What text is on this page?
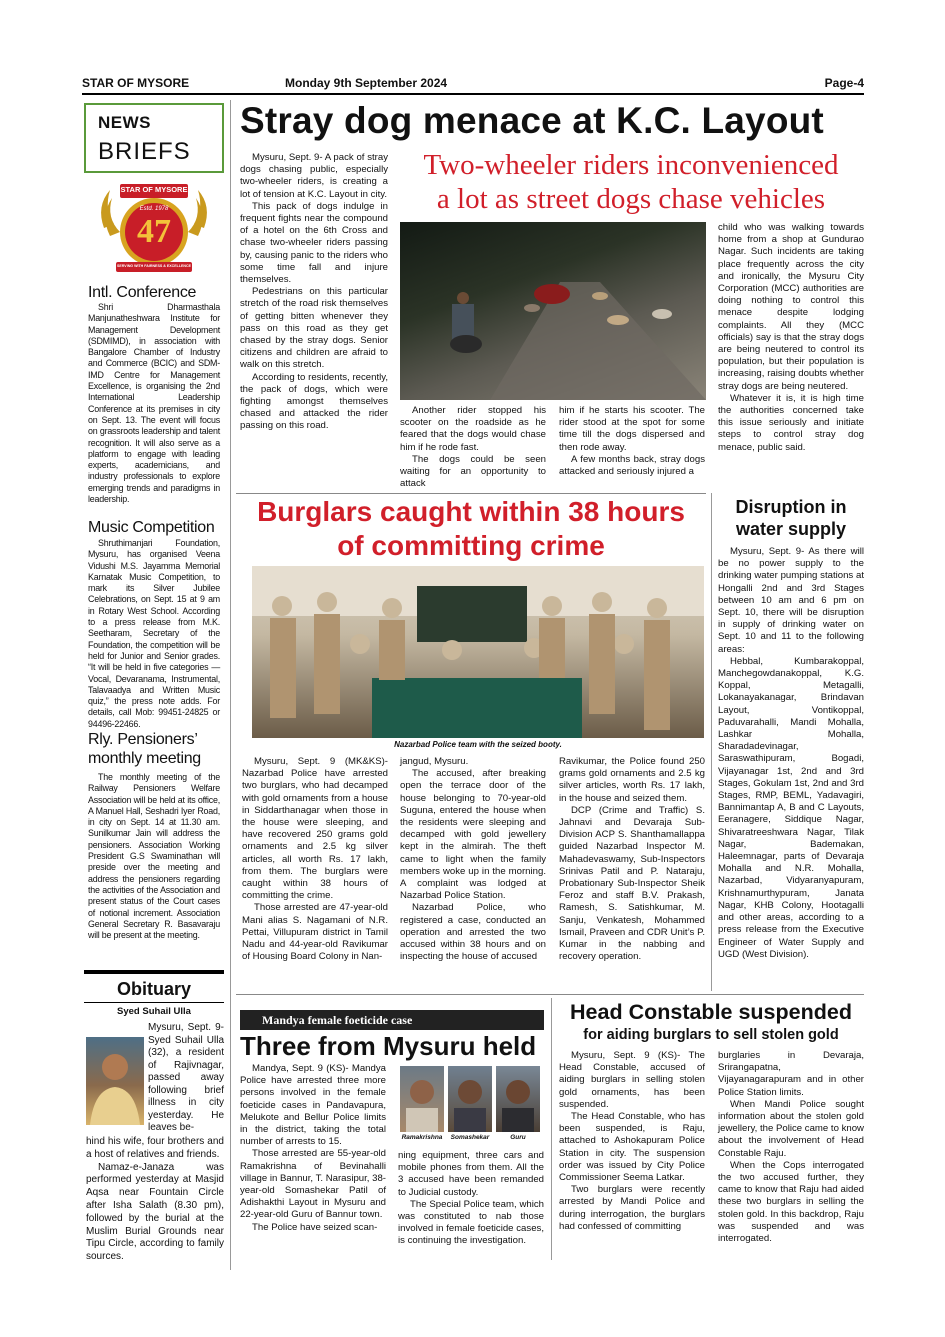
STAR OF MYSORE	Monday 9th September 2024	Page-4
NEWS
BRIEFS
STAR OF MYSORE
Estd. 1978
47
SERVING WITH FAIRNESS & EXCELLENCE
Intl. Conference

Shri Dharmasthala Manjunatheshwara Institute for Management Development (SDMIMD), in association with Bangalore Chamber of Industry and Commerce (BCIC) and SDM-IMD Centre for Management Excellence, is organising the 2nd International Leadership Conference at its premises in city on Sept. 13. The event will focus on grassroots leadership and talent recognition. It will also serve as a platform to engage with leading experts, academicians, and industry professionals to explore emerging trends and paradigms in leadership.

Music Competition

Shruthimanjari Foundation, Mysuru, has organised Veena Vidushi M.S. Jayamma Memorial Karnatak Music Competition, to mark its Silver Jubilee Celebrations, on Sept. 15 at 9 am in Rotary West School. According to a press release from M.K. Seetharam, Secretary of the Foundation, the competition will be held for Junior and Senior grades. “It will be held in five categories — Vocal, Devaranama, Instrumental, Talavaadya and Written Music quiz,” the press note adds. For details, call Mob: 99451-24825 or 94496-22466.

Rly. Pensioners’ monthly meeting

The monthly meeting of the Railway Pensioners Welfare Association will be held at its office, A Manuel Hall, Seshadri Iyer Road, in city on Sept. 14 at 11.30 am. Sunilkumar Jain will address the pensioners. Association Working President G.S Swaminathan will preside over the meeting and address the pensioners regarding the activities of the Association and present status of the Court cases of notional increment. Association General Secretary R. Basavaraju will be present at the meeting.

Obituary
Syed Suhail Ulla

Mysuru, Sept. 9- Syed Suhail Ulla (32), a resident of Rajivnagar, passed away following brief illness in city yesterday. He leaves be-

hind his wife, four brothers and a host of relatives and friends.

Namaz-e-Janaza was performed yesterday at Masjid Aqsa near Fountain Circle after Isha Salath (8.30 pm), followed by the burial at the Muslim Burial Grounds near Tipu Circle, according to family sources.

Stray dog menace at K.C. Layout

Mysuru, Sept. 9- A pack of stray dogs chasing public, especially two-wheeler riders, is creating a lot of tension at K.C. Layout in city.

This pack of dogs indulge in frequent fights near the compound of a hotel on the 6th Cross and chase two-wheeler riders passing by, causing panic to the riders who some time fall and injure themselves.

Pedestrians on this particular stretch of the road risk themselves of getting bitten whenever they pass on this road as they get chased by the stray dogs. Senior citizens and children are afraid to walk on this stretch.

According to residents, recently, the pack of dogs, which were fighting amongst themselves chased and attacked the rider passing on this road.

Two-wheeler riders inconvenienced
a lot as street dogs chase vehicles

Another rider stopped his scooter on the roadside as he feared that the dogs would chase him if he rode fast.

The dogs could be seen waiting for an opportunity to attack

him if he starts his scooter. The rider stood at the spot for some time till the dogs dispersed and then rode away.

A few months back, stray dogs attacked and seriously injured a

child who was walking towards home from a shop at Gundurao Nagar. Such incidents are taking place frequently across the city and ironically, the Mysuru City Corporation (MCC) authorities are doing nothing to control this menace despite lodging complaints. All they (MCC officials) say is that the stray dogs are being neutered to control its population, but their population is increasing, raising doubts whether stray dogs are being neutered.

Whatever it is, it is high time the authorities concerned take this issue seriously and initiate steps to control stray dog menace, public said.

Burglars caught within 38 hours
of committing crime
Nazarbad Police team with the seized booty.

Mysuru, Sept. 9 (MK&KS)- Nazarbad Police have arrested two burglars, who had decamped with gold ornaments from a house in Siddarthanagar when those in the house were sleeping, and have recovered 250 grams gold ornaments and 2.5 kg silver articles, all worth Rs. 17 lakh, from them. The burglars were caught within 38 hours of committing the crime.

Those arrested are 47-year-old Mani alias S. Nagamani of N.R. Pettai, Villupuram district in Tamil Nadu and 44-year-old Ravikumar of Housing Board Colony in Nan-

jangud, Mysuru.

The accused, after breaking open the terrace door of the house belonging to 70-year-old Suguna, entered the house when the residents were sleeping and decamped with gold jewellery kept in the almirah. The theft came to light when the family members woke up in the morning. A complaint was lodged at Nazarbad Police Station.

Nazarbad Police, who registered a case, conducted an operation and arrested the two accused within 38 hours and on inspecting the house of accused

Ravikumar, the Police found 250 grams gold ornaments and 2.5 kg silver articles, worth Rs. 17 lakh, in the house and seized them.

DCP (Crime and Traffic) S. Jahnavi and Devaraja Sub-Division ACP S. Shanthamallappa guided Nazarbad Inspector M. Mahadevaswamy, Sub-Inspectors Srinivas Patil and P. Nataraju, Probationary Sub-Inspector Sheik Feroz and staff B.V. Prakash, Ramesh, S. Satishkumar, M. Sanju, Venkatesh, Mohammed Ismail, Praveen and CDR Unit’s P. Kumar in the nabbing and recovery operation.

Disruption in
water supply

Mysuru, Sept. 9- As there will be no power supply to the drinking water pumping stations at Hongalli 2nd and 3rd Stages between 10 am and 6 pm on Sept. 10, there will be disruption in supply of drinking water on Sept. 10 and 11 to the following areas:

Hebbal, Kumbarakoppal, Manchegowdanakoppal, K.G. Koppal, Metagalli, Lokanayakanagar, Brindavan Layout, Vontikoppal, Paduvarahalli, Mandi Mohalla, Lashkar Mohalla, Sharadadevinagar, Saraswathipuram, Bogadi, Vijayanagar 1st, 2nd and 3rd Stages, Gokulam 1st, 2nd and 3rd Stages, RMP, BEML, Yadavagiri, Bannimantap A, B and C Layouts, Eeranagere, Siddique Nagar, Shivaratreeshwara Nagar, Tilak Nagar, Bademakan, Haleemnagar, parts of Devaraja Mohalla and N.R. Mohalla, Nazarbad, Vidyaranyapuram, Krishnamurthypuram, Janata Nagar, KHB Colony, Hootagalli and other areas, according to a press release from the Executive Engineer of Water Supply and UGD (West Division).

Mandya female foeticide case
Three from Mysuru held

Mandya, Sept. 9 (KS)- Mandya Police have arrested three more persons involved in the female foeticide cases in Pandavapura, Melukote and Bellur Police limits in the district, taking the total number of arrests to 15.

Those arrested are 55-year-old Ramakrishna of Bevinahalli village in Bannur, T. Narasipur, 38-year-old Somashekar Patil of Adishakthi Layout in Mysuru and 22-year-old Guru of Bannur town.

The Police have seized scan-

Ramakrishna	Somashekar	Guru

ning equipment, three cars and mobile phones from them. All the 3 accused have been remanded to Judicial custody.

The Special Police team, which was constituted to nab those involved in female foeticide cases, is continuing the investigation.

Head Constable suspended
for aiding burglars to sell stolen gold

Mysuru, Sept. 9 (KS)- The Head Constable, accused of aiding burglars in selling stolen gold ornaments, has been suspended.

The Head Constable, who has been suspended, is Raju, attached to Ashokapuram Police Station in city. The suspension order was issued by City Police Commissioner Seema Latkar.

Two burglars were recently arrested by Mandi Police and during interrogation, the burglars had confessed of committing

burglaries in Devaraja, Srirangapatna, Vijayanagarapuram and in other Police Station limits.

When Mandi Police sought information about the stolen gold jewellery, the Police came to know about the involvement of Head Constable Raju.

When the Cops interrogated the two accused further, they came to know that Raju had aided these two burglars in selling the stolen gold. In this backdrop, Raju was suspended and was interrogated.
